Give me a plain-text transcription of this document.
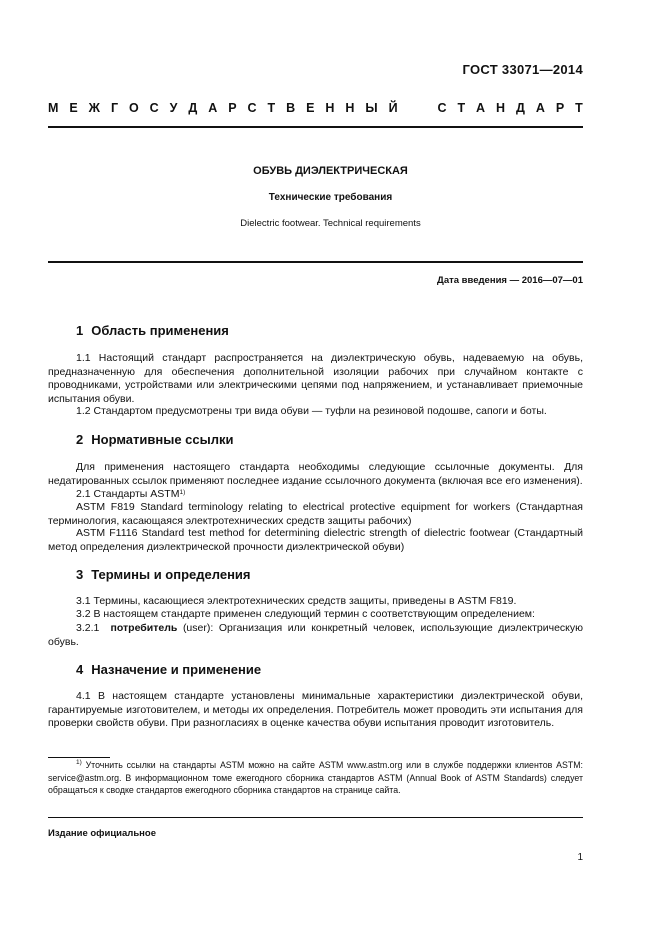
ГОСТ 33071—2014
М Е Ж Г О С У Д А Р С Т В Е Н Н Ы Й	С Т А Н Д А Р Т
ОБУВЬ ДИЭЛЕКТРИЧЕСКАЯ
Технические требования
Dielectric footwear. Technical requirements
Дата введения — 2016—07—01
1 Область применения
1.1 Настоящий стандарт распространяется на диэлектрическую обувь, надеваемую на обувь, предназначенную для обеспечения дополнительной изоляции рабочих при случайном контакте с проводниками, устройствами или электрическими цепями под напряжением, и устанавливает приемочные испытания обуви.
1.2 Стандартом предусмотрены три вида обуви — туфли на резиновой подошве, сапоги и боты.
2 Нормативные ссылки
Для применения настоящего стандарта необходимы следующие ссылочные документы. Для недатированных ссылок применяют последнее издание ссылочного документа (включая все его изменения).
2.1 Стандарты ASTM$^{1)}$
ASTM F819 Standard terminology relating to electrical protective equipment for workers (Стандартная терминология, касающаяся электротехнических средств защиты рабочих)
ASTM F1116 Standard test method for determining dielectric strength of dielectric footwear (Стандартный метод определения диэлектрической прочности диэлектрической обуви)
3 Термины и определения
3.1 Термины, касающиеся электротехнических средств защиты, приведены в ASTM F819.
3.2 В настоящем стандарте применен следующий термин с соответствующим определением:
3.2.1 потребитель (user): Организация или конкретный человек, использующие диэлектрическую обувь.
4 Назначение и применение
4.1 В настоящем стандарте установлены минимальные характеристики диэлектрической обуви, гарантируемые изготовителем, и методы их определения. Потребитель может проводить эти испытания для проверки свойств обуви. При разногласиях в оценке качества обуви испытания проводит изготовитель.
$^{1)}$ Уточнить ссылки на стандарты ASTM можно на сайте ASTM www.astm.org или в службе поддержки клиентов ASTM: service@astm.org. В информационном томе ежегодного сборника стандартов ASTM (Annual Book of ASTM Standards) следует обращаться к сводке стандартов ежегодного сборника стандартов на странице сайта.
Издание официальное
1
